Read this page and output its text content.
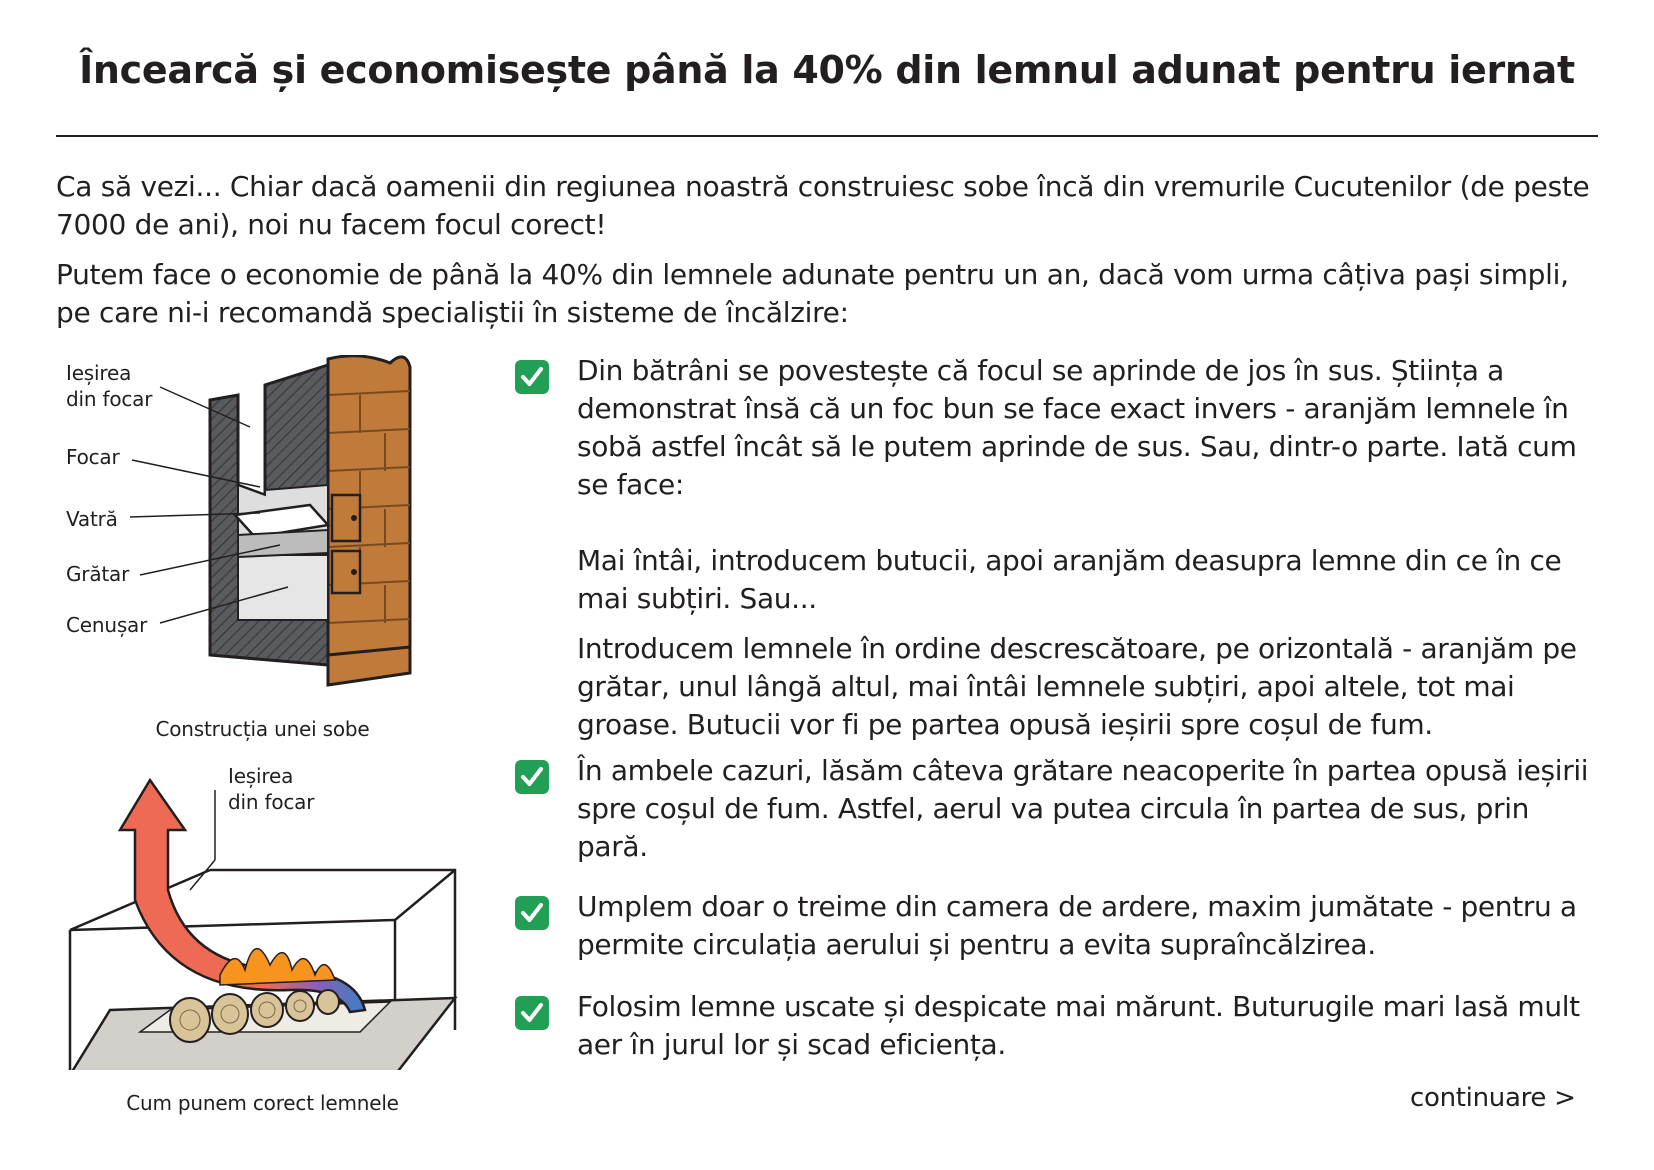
Încearcă și economisește până la 40% din lemnul adunat pentru iernat

Ca să vezi... Chiar dacă oamenii din regiunea noastră construiesc sobe încă din vremurile Cucutenilor (de peste 7000 de ani), noi nu facem focul corect!

Putem face o economie de până la 40% din lemnele adunate pentru un an, dacă vom urma câțiva pași simpli, pe care ni-i recomandă specialiștii în sisteme de încălzire:

Ieșirea
din focar
Focar
Vatră
Grătar
Cenușar
Construcția unei sobe
Ieșirea
din focar
Cum punem corect lemnele

Din bătrâni se povestește că focul se aprinde de jos în sus. Știința a demonstrat însă că un foc bun se face exact invers - aranjăm lemnele în sobă astfel încât să le putem aprinde de sus. Sau, dintr-o parte. Iată cum se face:

Mai întâi, introducem butucii, apoi aranjăm deasupra lemne din ce în ce mai subțiri. Sau...

Introducem lemnele în ordine descrescătoare, pe orizontală - aranjăm pe grătar, unul lângă altul, mai întâi lemnele subțiri, apoi altele, tot mai groase. Butucii vor fi pe partea opusă ieșirii spre coșul de fum.

În ambele cazuri, lăsăm câteva grătare neacoperite în partea opusă ieșirii spre coșul de fum. Astfel, aerul va putea circula în partea de sus, prin pară.

Umplem doar o treime din camera de ardere, maxim jumătate - pentru a permite circulația aerului și pentru a evita supraîncălzirea.

Folosim lemne uscate și despicate mai mărunt. Buturugile mari lasă mult aer în jurul lor și scad eficiența.

continuare >
